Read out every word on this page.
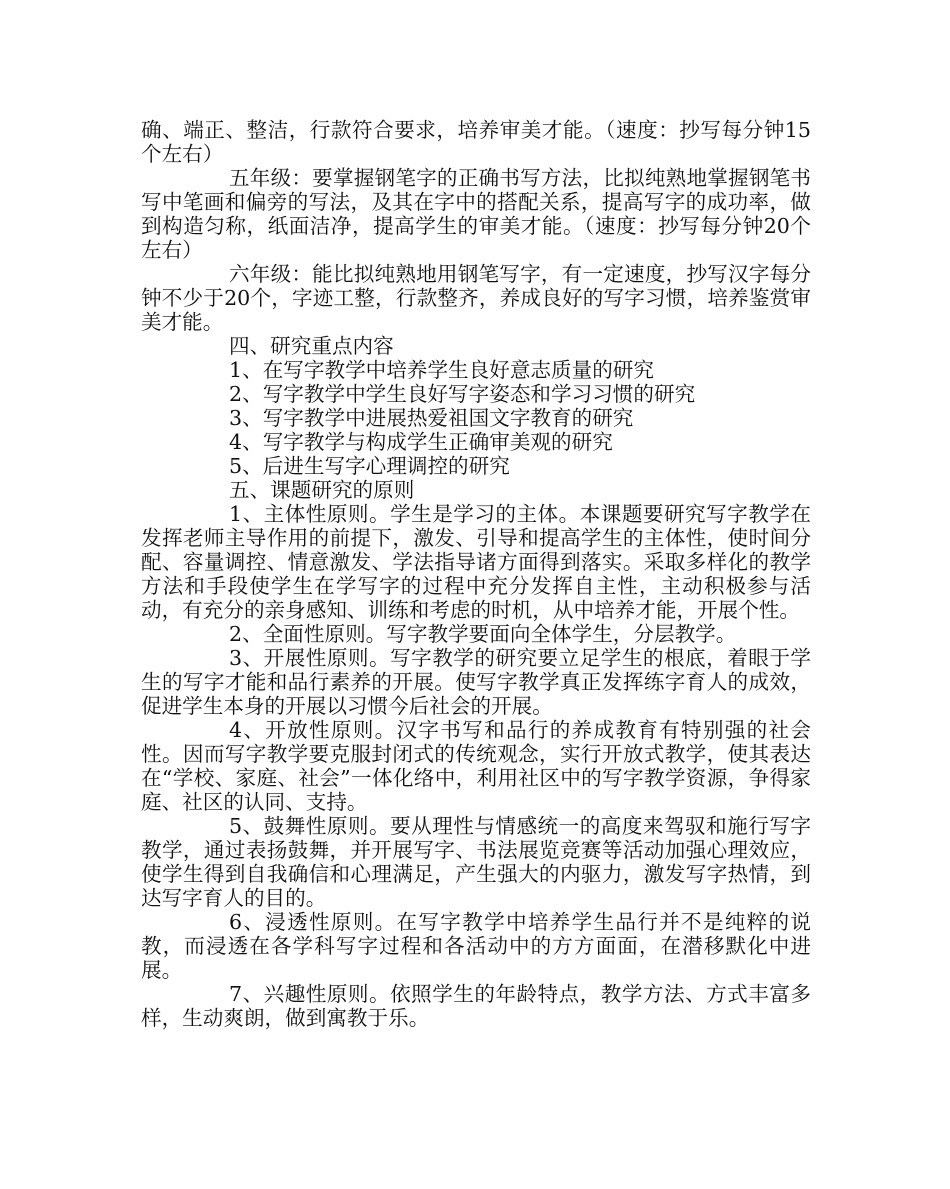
确、端正、整洁，行款符合要求，培养审美才能。（速度：抄写每分钟15个左右）

五年级：要掌握钢笔字的正确书写方法，比拟纯熟地掌握钢笔书写中笔画和偏旁的写法，及其在字中的搭配关系，提高写字的成功率，做到构造匀称，纸面洁净，提高学生的审美才能。（速度：抄写每分钟20个左右）

六年级：能比拟纯熟地用钢笔写字，有一定速度，抄写汉字每分钟不少于20个，字迹工整，行款整齐，养成良好的写字习惯，培养鉴赏审美才能。

四、研究重点内容

1、在写字教学中培养学生良好意志质量的研究

2、写字教学中学生良好写字姿态和学习习惯的研究

3、写字教学中进展热爱祖国文字教育的研究

4、写字教学与构成学生正确审美观的研究

5、后进生写字心理调控的研究

五、课题研究的原则

1、主体性原则。学生是学习的主体。本课题要研究写字教学在发挥老师主导作用的前提下，激发、引导和提高学生的主体性，使时间分配、容量调控、情意激发、学法指导诸方面得到落实。采取多样化的教学方法和手段使学生在学写字的过程中充分发挥自主性，主动积极参与活动，有充分的亲身感知、训练和考虑的时机，从中培养才能，开展个性。

2、全面性原则。写字教学要面向全体学生，分层教学。

3、开展性原则。写字教学的研究要立足学生的根底，着眼于学生的写字才能和品行素养的开展。使写字教学真正发挥练字育人的成效，促进学生本身的开展以习惯今后社会的开展。

4、开放性原则。汉字书写和品行的养成教育有特别强的社会性。因而写字教学要克服封闭式的传统观念，实行开放式教学，使其表达在“学校、家庭、社会”一体化络中，利用社区中的写字教学资源，争得家庭、社区的认同、支持。

5、鼓舞性原则。要从理性与情感统一的高度来驾驭和施行写字教学，通过表扬鼓舞，并开展写字、书法展览竞赛等活动加强心理效应，使学生得到自我确信和心理满足，产生强大的内驱力，激发写字热情，到达写字育人的目的。

6、浸透性原则。在写字教学中培养学生品行并不是纯粹的说教，而浸透在各学科写字过程和各活动中的方方面面，在潜移默化中进展。

7、兴趣性原则。依照学生的年龄特点，教学方法、方式丰富多样，生动爽朗，做到寓教于乐。
